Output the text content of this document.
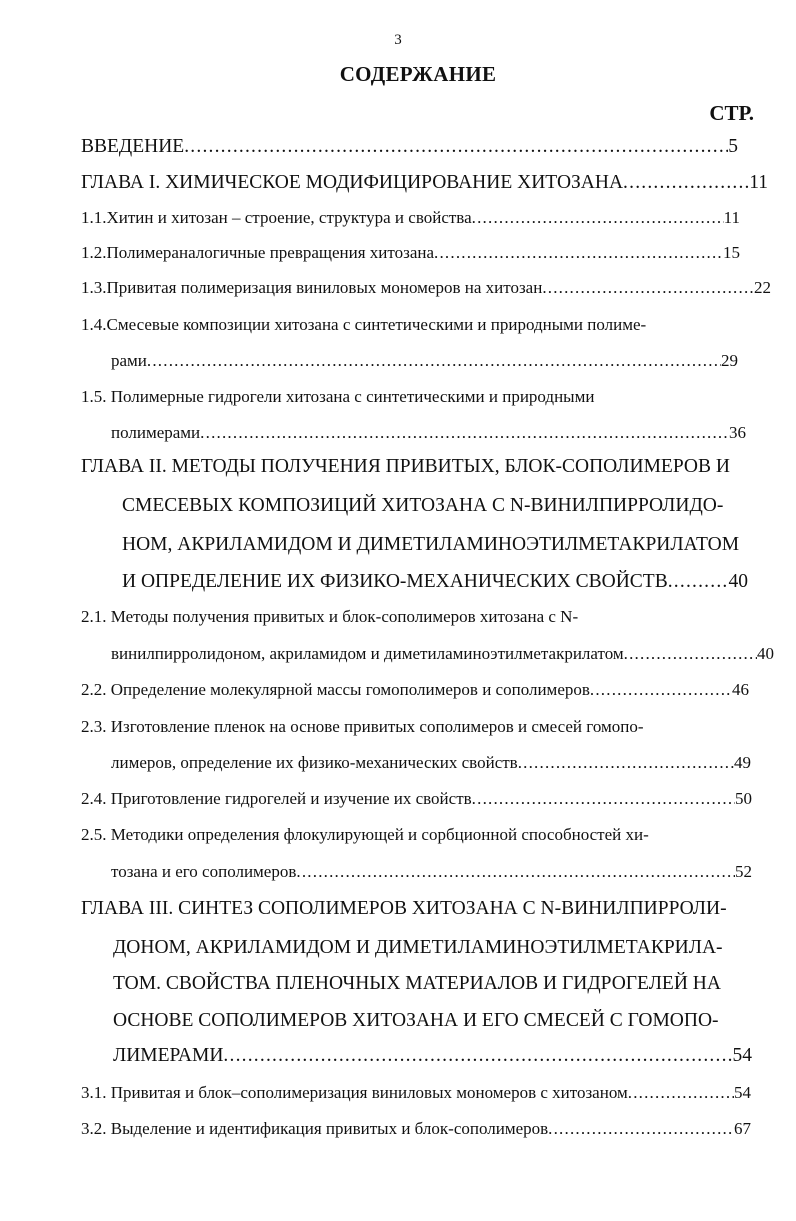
3
СОДЕРЖАНИЕ
СТР.
ВВЕДЕНИЕ .....	5
ГЛАВА I. ХИМИЧЕСКОЕ МОДИФИЦИРОВАНИЕ ХИТОЗАНА .....	11
1.1.Хитин и хитозан – строение, структура и свойства .....	11
1.2.Полимераналогичные превращения хитозана .....	15
1.3.Привитая полимеризация виниловых мономеров на хитозан .....	22
1.4.Смесевые композиции хитозана с синтетическими и природными полиме-
рами .....	29
1.5. Полимерные гидрогели хитозана с синтетическими и природными
полимерами .....	36
ГЛАВА II. МЕТОДЫ ПОЛУЧЕНИЯ ПРИВИТЫХ, БЛОК-СОПОЛИМЕРОВ И
СМЕСЕВЫХ КОМПОЗИЦИЙ ХИТОЗАНА С N-ВИНИЛПИРРОЛИДО-
НОМ, АКРИЛАМИДОМ И ДИМЕТИЛАМИНОЭТИЛМЕТАКРИЛАТОМ
И ОПРЕДЕЛЕНИЕ ИХ ФИЗИКО-МЕХАНИЧЕСКИХ СВОЙСТВ .....	40
2.1. Методы получения привитых и блок-сополимеров хитозана с N-
винилпирролидоном, акриламидом и диметиламиноэтилметакрилатом .....	40
2.2. Определение молекулярной массы гомополимеров и сополимеров .....	46
2.3. Изготовление пленок на основе привитых сополимеров и смесей гомопо-
лимеров, определение их физико-механических свойств .....	49
2.4. Приготовление гидрогелей и изучение их свойств .....	50
2.5. Методики определения флокулирующей и сорбционной способностей хи-
тозана и его сополимеров .....	52
ГЛАВА III. СИНТЕЗ СОПОЛИМЕРОВ ХИТОЗАНА С N-ВИНИЛПИРРОЛИ-
ДОНОМ, АКРИЛАМИДОМ И ДИМЕТИЛАМИНОЭТИЛМЕТАКРИЛА-
ТОМ. СВОЙСТВА ПЛЕНОЧНЫХ МАТЕРИАЛОВ И ГИДРОГЕЛЕЙ НА
ОСНОВЕ СОПОЛИМЕРОВ ХИТОЗАНА И ЕГО СМЕСЕЙ С ГОМОПО-
ЛИМЕРАМИ .....	54
3.1. Привитая и блок–сополимеризация виниловых мономеров с хитозаном .....	54
3.2. Выделение и идентификация привитых и блок-сополимеров .....	67
